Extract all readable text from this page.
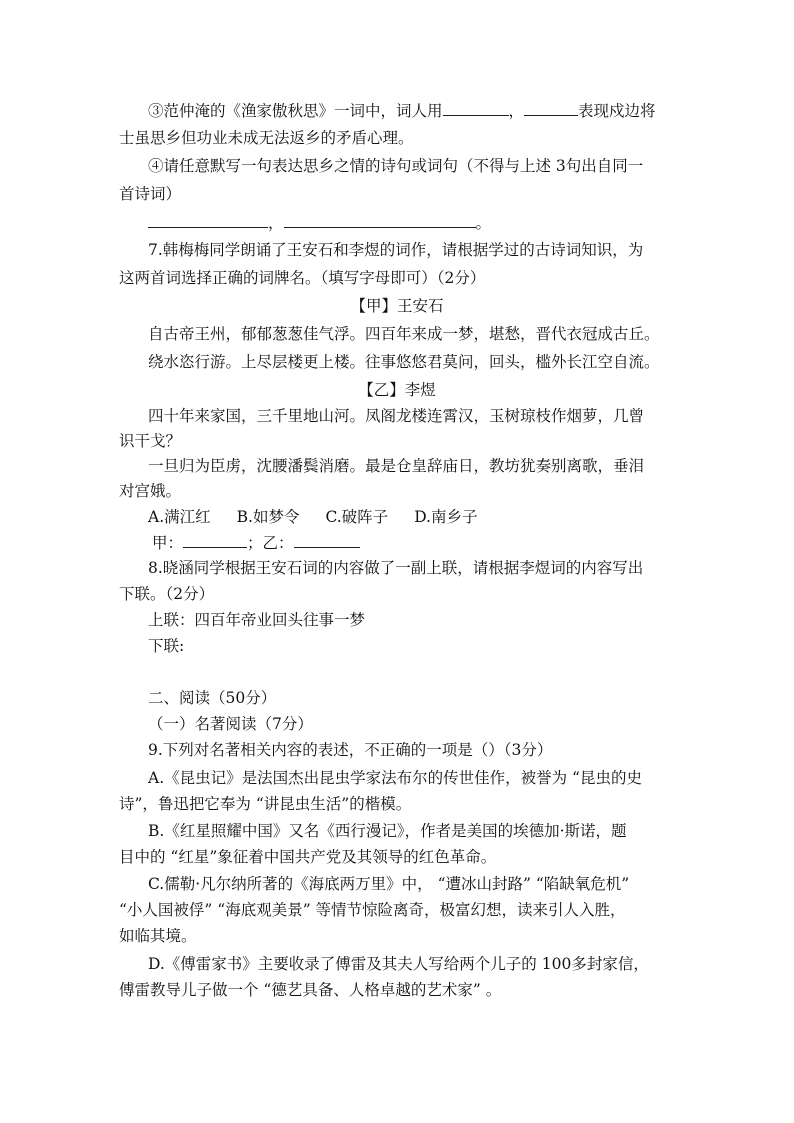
③范仲淹的《渔家傲秋思》一词中，词人用	，	表现戍边将
士虽思乡但功业未成无法返乡的矛盾心理。
④请任意默写一句表达思乡之情的诗句或词句（不得与上述 3句出自同一
首诗词）
，	。
7.韩梅梅同学朗诵了王安石和李煜的词作，请根据学过的古诗词知识，为
这两首词选择正确的词牌名。（填写字母即可）（2分）
【甲】王安石
自古帝王州，郁郁葱葱佳气浮。四百年来成一梦，堪愁，晋代衣冠成古丘。
绕水恣行游。上尽层楼更上楼。往事悠悠君莫问，回头，槛外长江空自流。
【乙】李煜
四十年来家国，三千里地山河。凤阁龙楼连霄汉，玉树琼枝作烟萝，几曾
识干戈？
一旦归为臣虏，沈腰潘鬓消磨。最是仓皇辞庙日，教坊犹奏别离歌，垂泪
对宫娥。
A.满江红 B.如梦令 C.破阵子 D.南乡子
甲：	；乙：
8.晓涵同学根据王安石词的内容做了一副上联，请根据李煜词的内容写出
下联。（2分）
上联：四百年帝业回头往事一梦
下联:
二、阅读（50分）
（一）名著阅读（7分）
9.下列对名著相关内容的表述，不正确的一项是（）（3分）
A.《昆虫记》是法国杰出昆虫学家法布尔的传世佳作，被誉为 “昆虫的史
诗”，鲁迅把它奉为 “讲昆虫生活”的楷模。
B.《红星照耀中国》又名《西行漫记》，作者是美国的埃德加·斯诺，题
目中的 “红星”象征着中国共产党及其领导的红色革命。
C.儒勒·凡尔纳所著的《海底两万里》中， “遭冰山封路” “陷缺氧危机”
“小人国被俘” “海底观美景” 等情节惊险离奇，极富幻想，读来引人入胜，
如临其境。
D.《傅雷家书》主要收录了傅雷及其夫人写给两个儿子的 100多封家信，
傅雷教导儿子做一个 “德艺具备、人格卓越的艺术家” 。
